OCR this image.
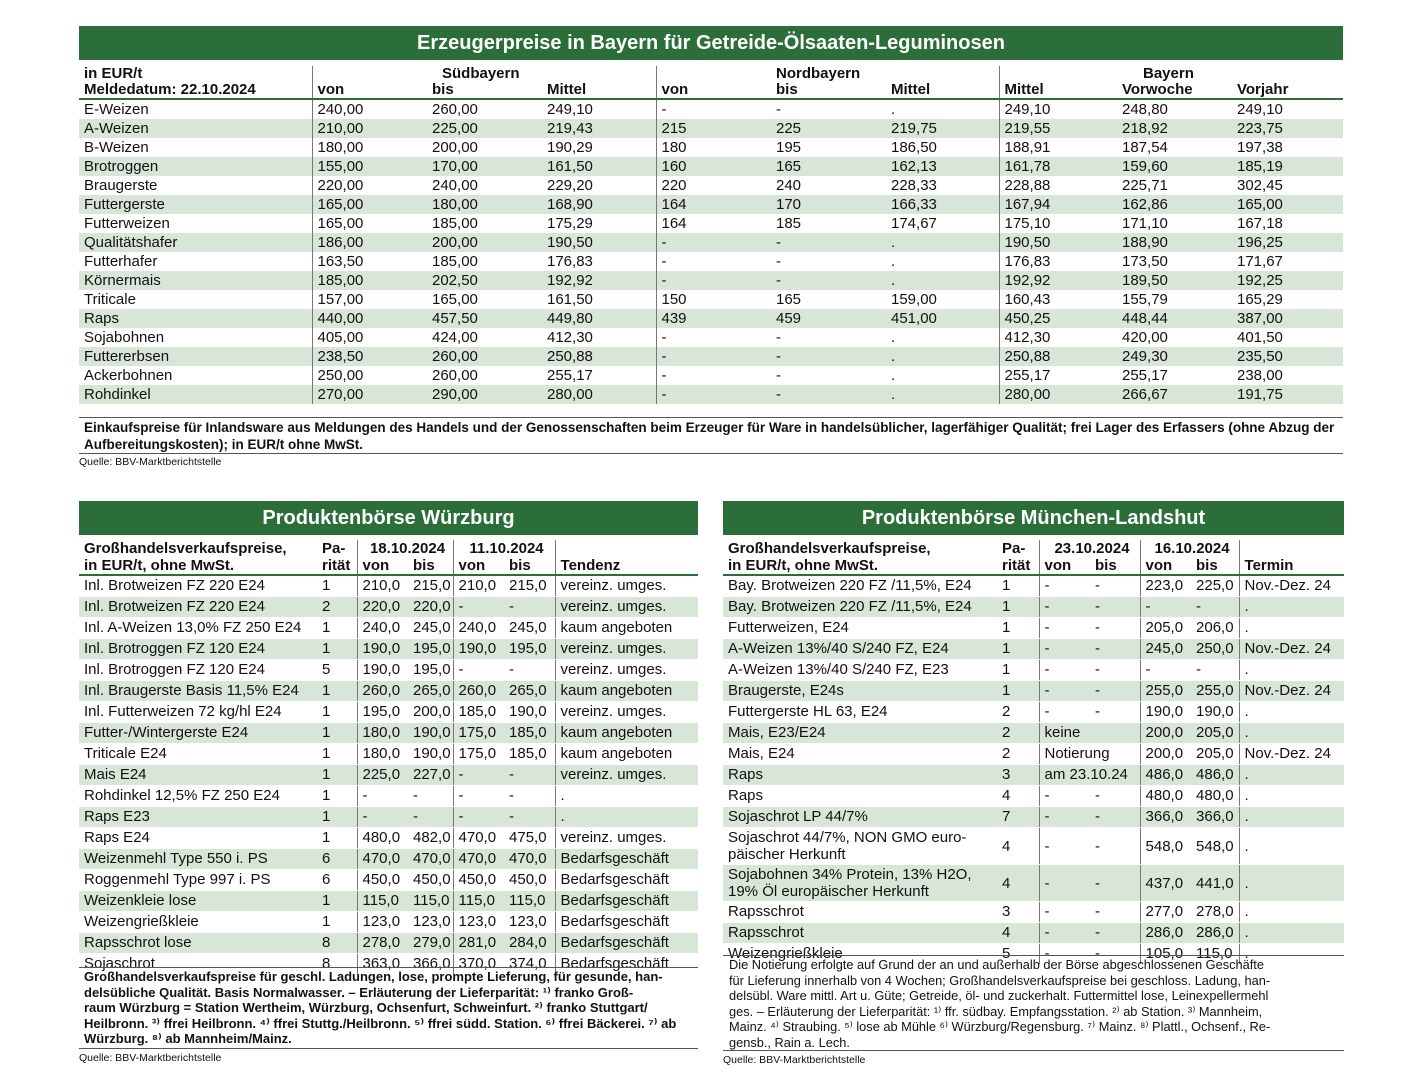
Erzeugerpreise in Bayern für Getreide-Ölsaaten-Leguminosen
in EUR/t		Südbayern			Nordbayern			Bayern	
Meldedatum: 22.10.2024	von	bis	Mittel	von	bis	Mittel	Mittel	Vorwoche	Vorjahr
E-Weizen	240,00	260,00	249,10	-	-	.	249,10	248,80	249,10
A-Weizen	210,00	225,00	219,43	215	225	219,75	219,55	218,92	223,75
B-Weizen	180,00	200,00	190,29	180	195	186,50	188,91	187,54	197,38
Brotroggen	155,00	170,00	161,50	160	165	162,13	161,78	159,60	185,19
Braugerste	220,00	240,00	229,20	220	240	228,33	228,88	225,71	302,45
Futtergerste	165,00	180,00	168,90	164	170	166,33	167,94	162,86	165,00
Futterweizen	165,00	185,00	175,29	164	185	174,67	175,10	171,10	167,18
Qualitätshafer	186,00	200,00	190,50	-	-	.	190,50	188,90	196,25
Futterhafer	163,50	185,00	176,83	-	-	.	176,83	173,50	171,67
Körnermais	185,00	202,50	192,92	-	-	.	192,92	189,50	192,25
Triticale	157,00	165,00	161,50	150	165	159,00	160,43	155,79	165,29
Raps	440,00	457,50	449,80	439	459	451,00	450,25	448,44	387,00
Sojabohnen	405,00	424,00	412,30	-	-	.	412,30	420,00	401,50
Futtererbsen	238,50	260,00	250,88	-	-	.	250,88	249,30	235,50
Ackerbohnen	250,00	260,00	255,17	-	-	.	255,17	255,17	238,00
Rohdinkel	270,00	290,00	280,00	-	-	.	280,00	266,67	191,75
Einkaufspreise für Inlandsware aus Meldungen des Handels und der Genossenschaften beim Erzeuger für Ware in handelsüblicher, lagerfähiger Qualität; frei Lager des Erfassers (ohne Abzug der Aufbereitungskosten); in EUR/t ohne MwSt.
Quelle: BBV-Marktberichtstelle
Produktenbörse Würzburg
Großhandelsverkaufspreise,	Pa-	18.10.2024		11.10.2024		
in EUR/t, ohne MwSt.	rität	von	bis	von	bis	Tendenz
Inl. Brotweizen FZ 220 E24	1	210,0	215,0	210,0	215,0	vereinz. umges.
Inl. Brotweizen FZ 220 E24	2	220,0	220,0	-	-	vereinz. umges.
Inl. A-Weizen 13,0% FZ 250 E24	1	240,0	245,0	240,0	245,0	kaum angeboten
Inl. Brotroggen FZ 120 E24	1	190,0	195,0	190,0	195,0	vereinz. umges.
Inl. Brotroggen FZ 120 E24	5	190,0	195,0	-	-	vereinz. umges.
Inl. Braugerste Basis 11,5% E24	1	260,0	265,0	260,0	265,0	kaum angeboten
Inl. Futterweizen 72 kg/hl E24	1	195,0	200,0	185,0	190,0	vereinz. umges.
Futter-/Wintergerste E24	1	180,0	190,0	175,0	185,0	kaum angeboten
Triticale E24	1	180,0	190,0	175,0	185,0	kaum angeboten
Mais E24	1	225,0	227,0	-	-	vereinz. umges.
Rohdinkel 12,5% FZ 250 E24	1	-	-	-	-	.
Raps E23	1	-	-	-	-	.
Raps E24	1	480,0	482,0	470,0	475,0	vereinz. umges.
Weizenmehl Type 550 i. PS	6	470,0	470,0	470,0	470,0	Bedarfsgeschäft
Roggenmehl Type 997 i. PS	6	450,0	450,0	450,0	450,0	Bedarfsgeschäft
Weizenkleie lose	1	115,0	115,0	115,0	115,0	Bedarfsgeschäft
Weizengrießkleie	1	123,0	123,0	123,0	123,0	Bedarfsgeschäft
Rapsschrot lose	8	278,0	279,0	281,0	284,0	Bedarfsgeschäft
Sojaschrot	8	363,0	366,0	370,0	374,0	Bedarfsgeschäft
Großhandelsverkaufspreise für geschl. Ladungen, lose, prompte Lieferung, für gesunde, han-
delsübliche Qualität. Basis Normalwasser. – Erläuterung der Lieferparität: ¹⁾ franko Groß-
raum Würzburg = Station Wertheim, Würzburg, Ochsenfurt, Schweinfurt. ²⁾ franko Stuttgart/
Heilbronn. ³⁾ ffrei Heilbronn. ⁴⁾ ffrei Stuttg./Heilbronn. ⁵⁾ ffrei südd. Station. ⁶⁾ ffrei Bäckerei. ⁷⁾ ab
Würzburg. ⁸⁾ ab Mannheim/Mainz.
Quelle: BBV-Marktberichtstelle
Produktenbörse München-Landshut
Großhandelsverkaufspreise,	Pa-	23.10.2024		16.10.2024		
in EUR/t, ohne MwSt.	rität	von	bis	von	bis	Termin
Bay. Brotweizen 220 FZ /11,5%, E24	1	-	-	223,0	225,0	Nov.-Dez. 24
Bay. Brotweizen 220 FZ /11,5%, E24	1	-	-	-	-	.
Futterweizen, E24	1	-	-	205,0	206,0	.
A-Weizen 13%/40 S/240 FZ, E24	1	-	-	245,0	250,0	Nov.-Dez. 24
A-Weizen 13%/40 S/240 FZ, E23	1	-	-	-	-	.
Braugerste, E24s	1	-	-	255,0	255,0	Nov.-Dez. 24
Futtergerste HL 63, E24	2	-	-	190,0	190,0	.
Mais, E23/E24	2	keine		200,0	205,0	.
Mais, E24	2	Notierung		200,0	205,0	Nov.-Dez. 24
Raps	3	am 23.10.24		486,0	486,0	.
Raps	4	-	-	480,0	480,0	.
Sojaschrot LP 44/7%	7	-	-	366,0	366,0	.

Sojaschrot 44/7%, NON GMO euro-
päischer Herkunft	4	-	-	548,0	548,0	.

Sojabohnen 34% Protein, 13% H2O,
19% Öl europäischer Herkunft	4	-	-	437,0	441,0	.
Rapsschrot	3	-	-	277,0	278,0	.
Rapsschrot	4	-	-	286,0	286,0	.
Weizengrießkleie	5	-	-	105,0	115,0	.
Die Notierung erfolgte auf Grund der an und außerhalb der Börse abgeschlossenen Geschäfte
für Lieferung innerhalb von 4 Wochen; Großhandelsverkaufspreise bei geschloss. Ladung, han-
delsübl. Ware mittl. Art u. Güte; Getreide, öl- und zuckerhalt. Futtermittel lose, Leinexpellermehl
ges. – Erläuterung der Lieferparität: ¹⁾ ffr. südbay. Empfangsstation. ²⁾ ab Station. ³⁾ Mannheim,
Mainz. ⁴⁾ Straubing. ⁵⁾ lose ab Mühle ⁶⁾ Würzburg/Regensburg. ⁷⁾ Mainz. ⁸⁾ Plattl., Ochsenf., Re-
gensb., Rain a. Lech.
Quelle: BBV-Marktberichtstelle
